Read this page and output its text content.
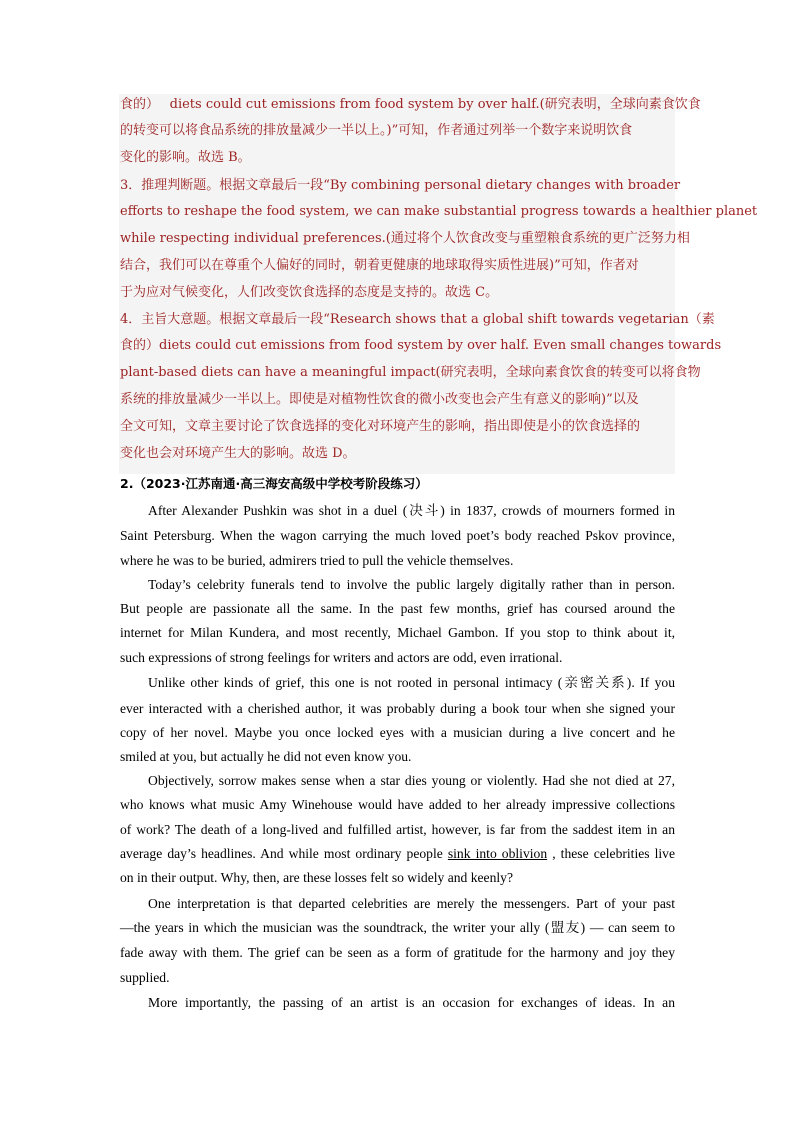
食的）　 diets could cut emissions from food system by over half.(研究表明，全球向素食饮食
的转变可以将食品系统的排放量减少一半以上。)”可知，作者通过列举一个数字来说明饮食
变化的影响。故选 B。
3．推理判断题。根据文章最后一段“By combining personal dietary changes with broader
efforts to reshape the food system, we can make substantial progress towards a healthier planet
while respecting individual preferences.(通过将个人饮食改变与重塑粮食系统的更广泛努力相
结合，我们可以在尊重个人偏好的同时，朝着更健康的地球取得实质性进展)”可知，作者对
于为应对气候变化，人们改变饮食选择的态度是支持的。故选 C。
4．主旨大意题。根据文章最后一段“Research shows that a global shift towards vegetarian（素
食的）diets could cut emissions from food system by over half. Even small changes towards
plant-based diets can have a meaningful impact(研究表明，全球向素食饮食的转变可以将食物
系统的排放量减少一半以上。即使是对植物性饮食的微小改变也会产生有意义的影响)”以及
全文可知，文章主要讨论了饮食选择的变化对环境产生的影响，指出即使是小的饮食选择的
变化也会对环境产生大的影响。故选 D。
2.（2023·江苏南通·高三海安高级中学校考阶段练习）
After Alexander Pushkin was shot in a duel (决斗) in 1837, crowds of mourners formed in
Saint Petersburg. When the wagon carrying the much loved poet’s body reached Pskov province,
where he was to be buried, admirers tried to pull the vehicle themselves.
Today’s celebrity funerals tend to involve the public largely digitally rather than in person.
But people are passionate all the same. In the past few months, grief has coursed around the
internet for Milan Kundera, and most recently, Michael Gambon. If you stop to think about it,
such expressions of strong feelings for writers and actors are odd, even irrational.
Unlike other kinds of grief, this one is not rooted in personal intimacy (亲密关系). If you
ever interacted with a cherished author, it was probably during a book tour when she signed your
copy of her novel. Maybe you once locked eyes with a musician during a live concert and he
smiled at you, but actually he did not even know you.
Objectively, sorrow makes sense when a star dies young or violently. Had she not died at 27,
who knows what music Amy Winehouse would have added to her already impressive collections
of work? The death of a long-lived and fulfilled artist, however, is far from the saddest item in an
average day’s headlines. And while most ordinary people sink into oblivion , these celebrities live
on in their output. Why, then, are these losses felt so widely and keenly?
One interpretation is that departed celebrities are merely the messengers. Part of your past
—the years in which the musician was the soundtrack, the writer your ally (盟友) — can seem to
fade away with them. The grief can be seen as a form of gratitude for the harmony and joy they
supplied.
More importantly, the passing of an artist is an occasion for exchanges of ideas. In an
